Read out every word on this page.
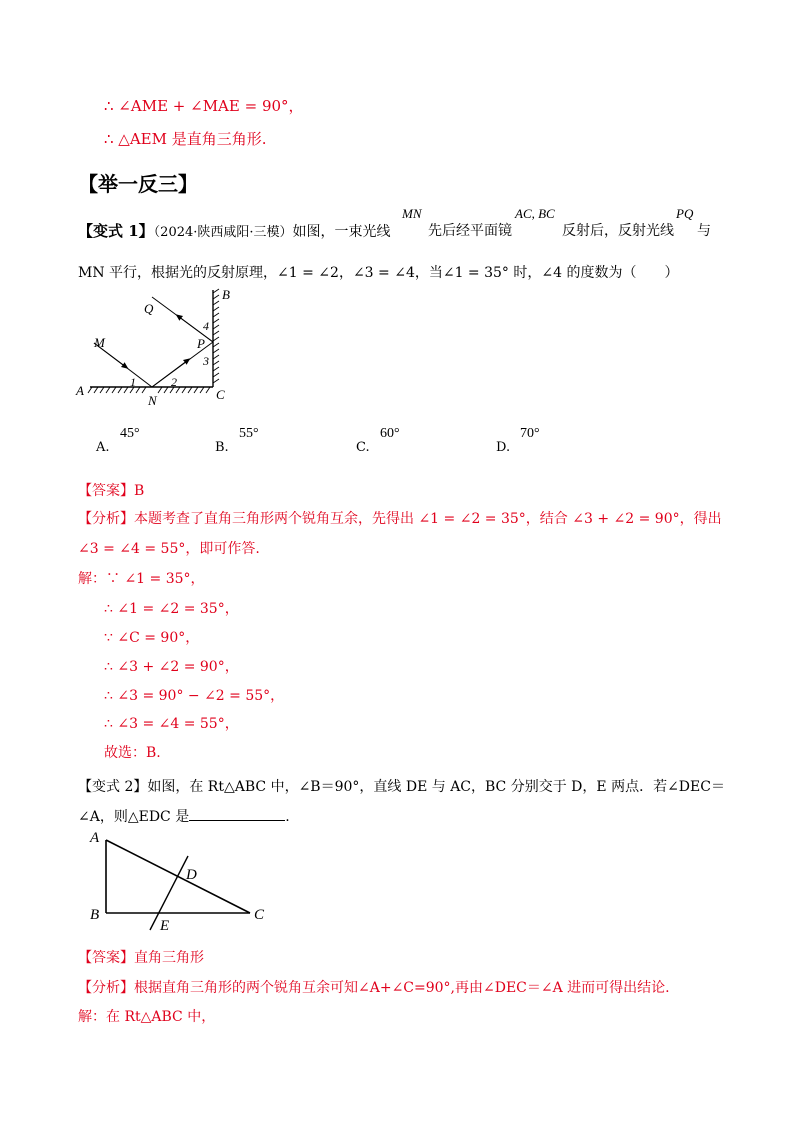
∴ ∠AME + ∠MAE = 90°，
∴ △AEM 是直角三角形.
【举一反三】
【变式 1】（2024·陕西咸阳·三模）如图，一束光线
MN
先后经平面镜
AC, BC
反射后，反射光线
PQ
与
MN 平行，根据光的反射原理，∠1 = ∠2，∠3 = ∠4，当∠1 = 35° 时，∠4 的度数为（　　）
B
Q
4
P
3
M
A
1	2
N	C
A.
45°
B.
55°
C.
60°
D.
70°
【答案】B
【分析】本题考查了直角三角形两个锐角互余，先得出 ∠1 = ∠2 = 35°，结合 ∠3 + ∠2 = 90°，得出
∠3 = ∠4 = 55°，即可作答.
解：∵ ∠1 = 35°，
∴ ∠1 = ∠2 = 35°，
∵ ∠C = 90°，
∴ ∠3 + ∠2 = 90°，
∴ ∠3 = 90° − ∠2 = 55°，
∴ ∠3 = ∠4 = 55°，
故选：B.
【变式 2】如图，在 Rt△ABC 中，∠B＝90°，直线 DE 与 AC，BC 分别交于 D，E 两点．若∠DEC＝
∠A，则△EDC 是	.
A
D
B
E
C
【答案】直角三角形
【分析】根据直角三角形的两个锐角互余可知∠A+∠C=90°,再由∠DEC＝∠A 进而可得出结论.
解：在 Rt△ABC 中，
